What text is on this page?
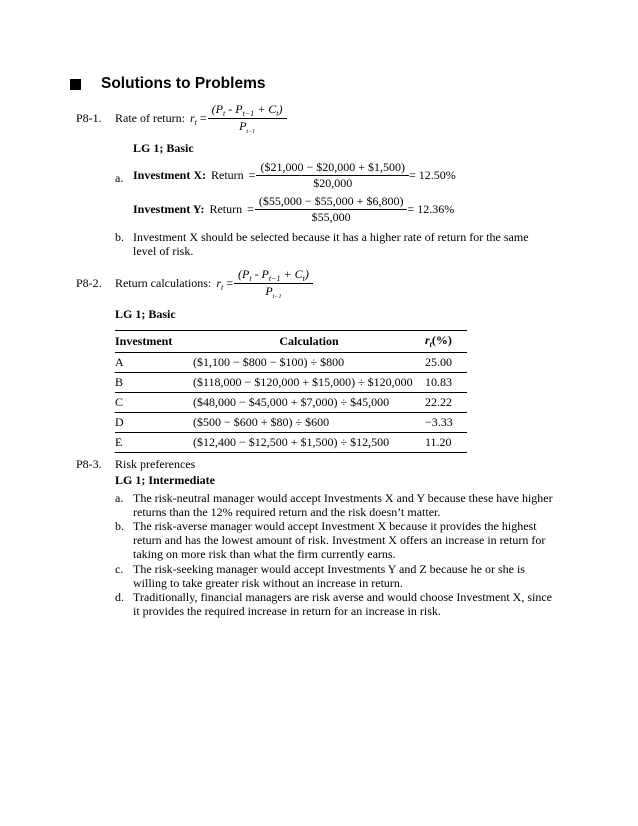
Solutions to Problems
P8-1. Rate of return: $r_t = \frac{(P_t - P_{t-1} + C_t)}{P_{t-1}}$
LG 1; Basic
a. Investment X: Return = $\frac{(\$21,000 - \$20,000 + \$1,500)}{\$20,000} = 12.50\%$
Investment Y: Return = $\frac{(\$55,000 - \$55,000 + \$6,800)}{\$55,000} = 12.36\%$
b. Investment X should be selected because it has a higher rate of return for the same level of risk.
P8-2. Return calculations: $r_t = \frac{(P_t - P_{t-1} + C_t)}{P_{t-1}}$
LG 1; Basic
Investment	Calculation	$r_t(\%)$
A	($1,100 − $800 − $100) ÷ $800	25.00
B	($118,000 − $120,000 + $15,000) ÷ $120,000	10.83
C	($48,000 − $45,000 + $7,000) ÷ $45,000	22.22
D	($500 − $600 + $80) ÷ $600	−3.33
E	($12,400 − $12,500 + $1,500) ÷ $12,500	11.20
P8-3. Risk preferences
LG 1; Intermediate
a. The risk-neutral manager would accept Investments X and Y because these have higher returns than the 12% required return and the risk doesn’t matter.
b. The risk-averse manager would accept Investment X because it provides the highest return and has the lowest amount of risk. Investment X offers an increase in return for taking on more risk than what the firm currently earns.
c. The risk-seeking manager would accept Investments Y and Z because he or she is willing to take greater risk without an increase in return.
d. Traditionally, financial managers are risk averse and would choose Investment X, since it provides the required increase in return for an increase in risk.
